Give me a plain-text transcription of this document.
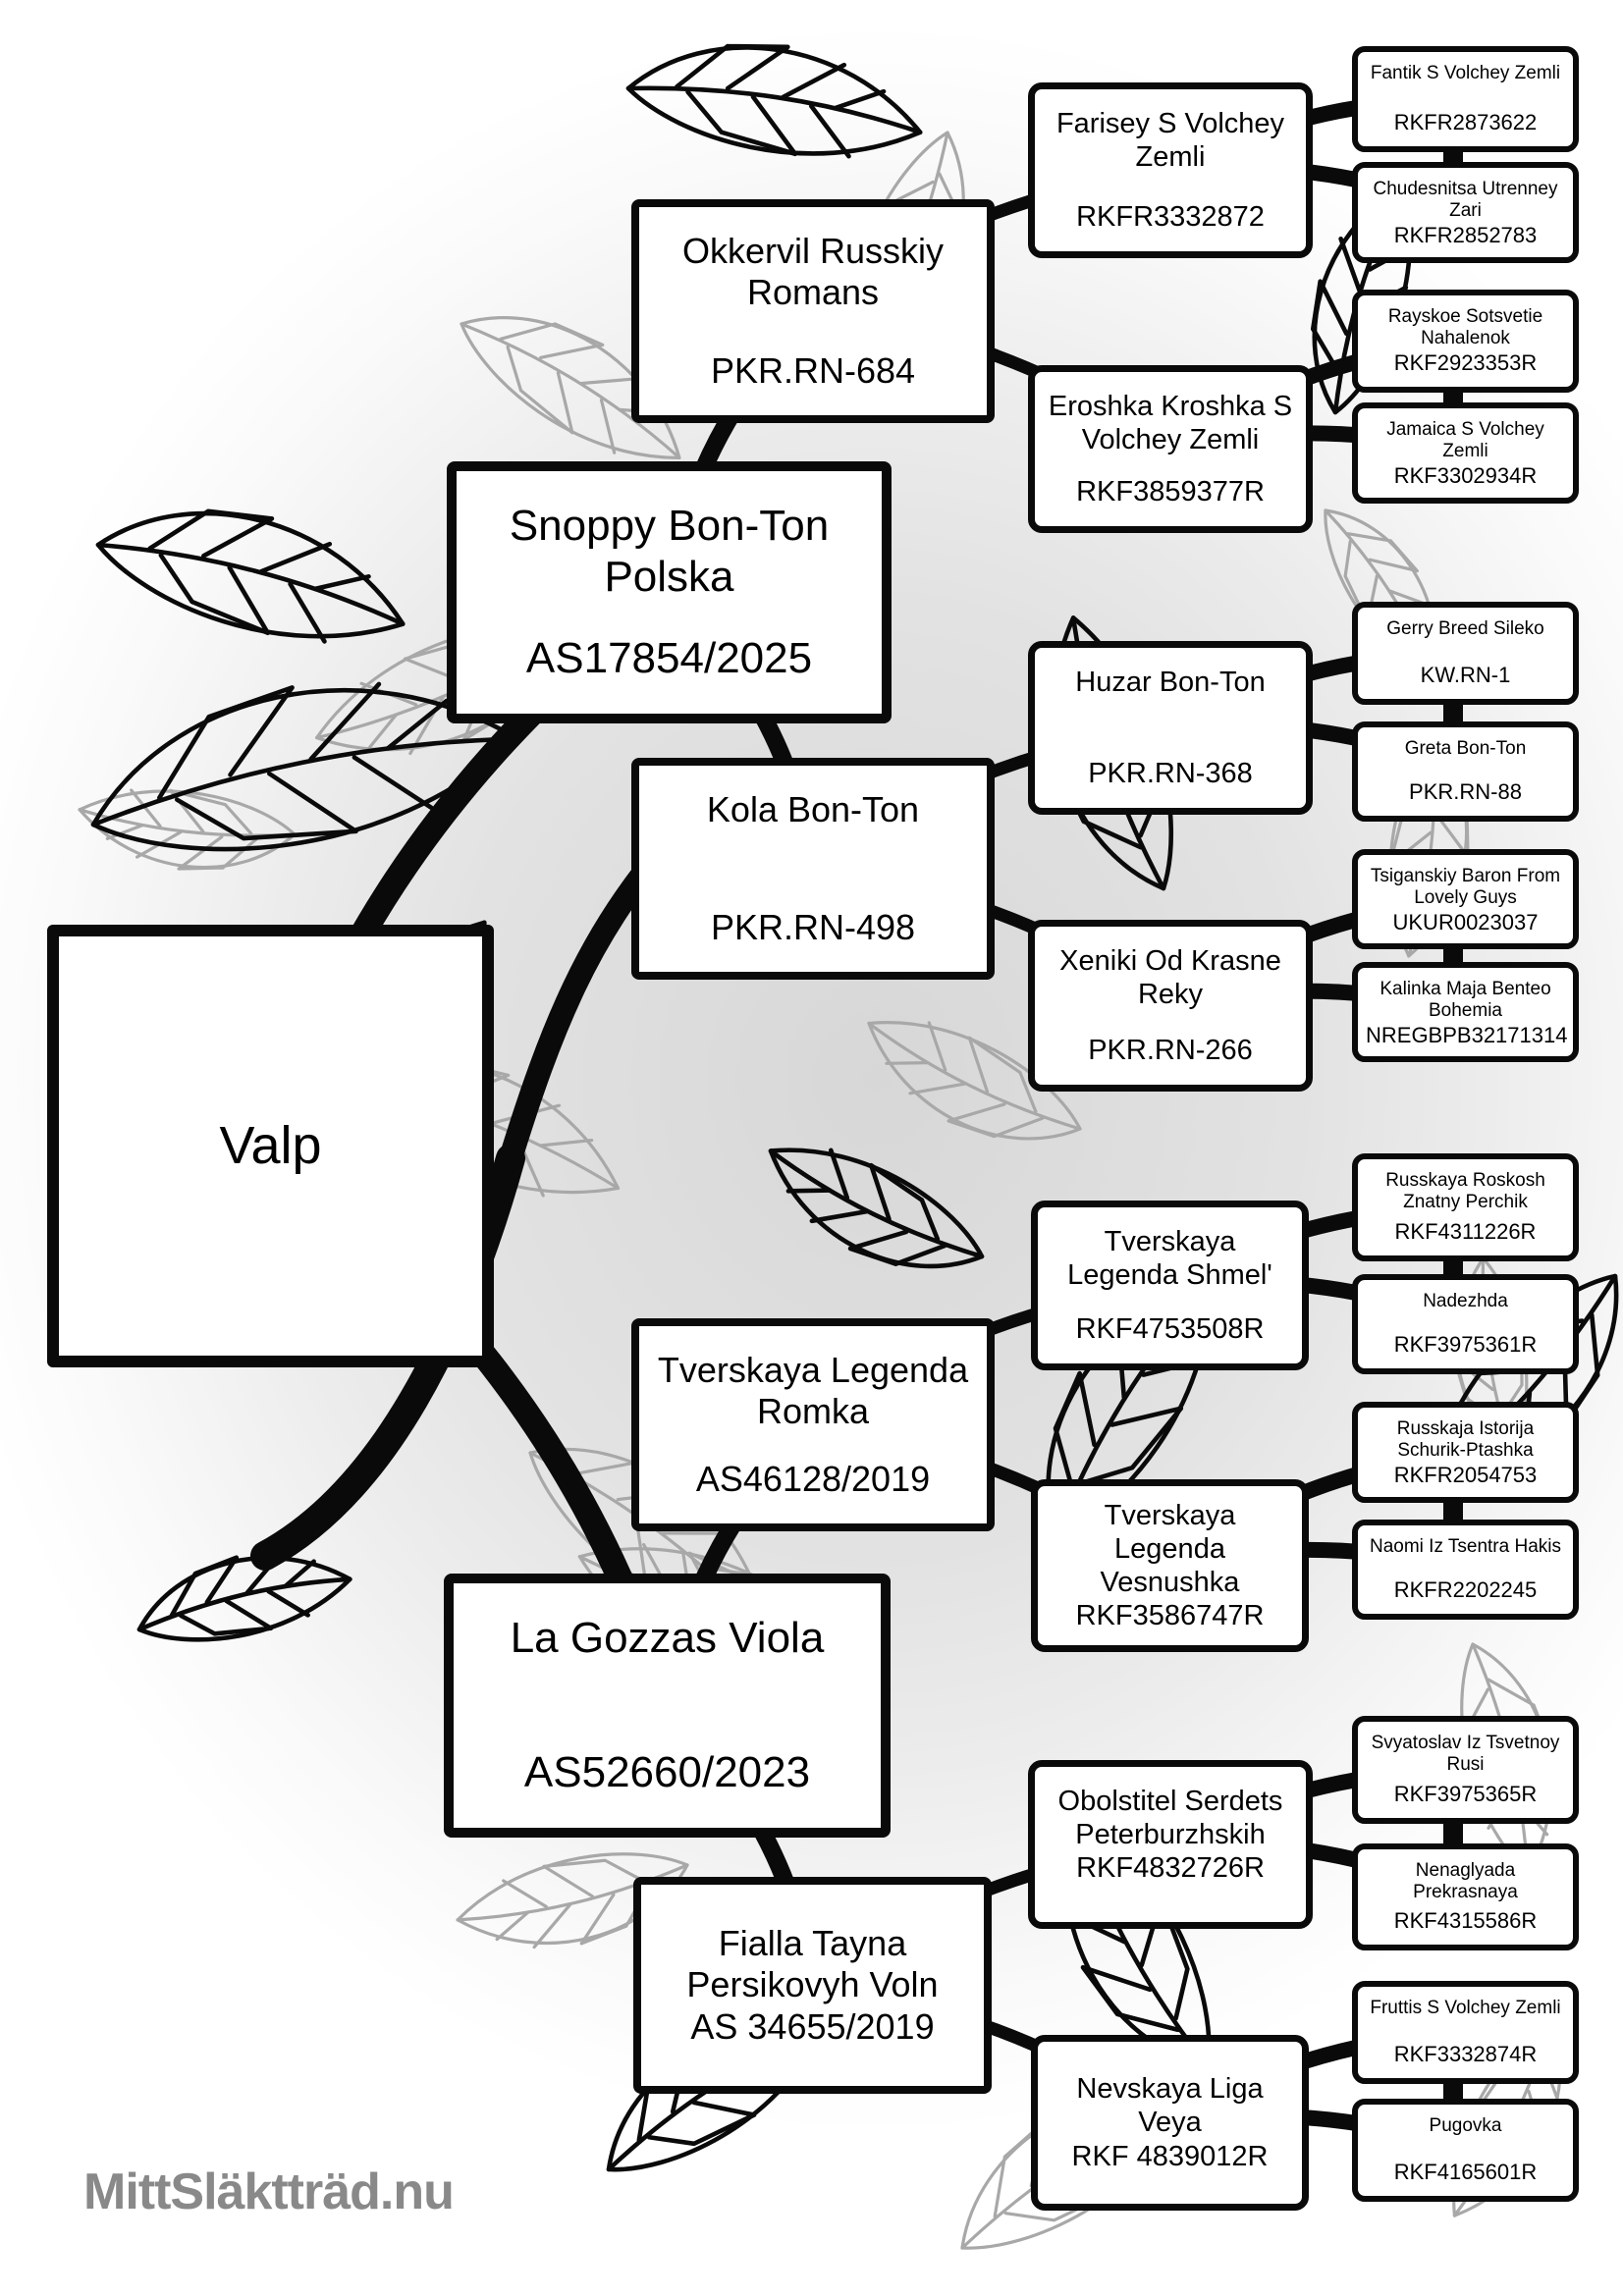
Valp
Snoppy Bon-Ton Polska
AS17854/2025
La Gozzas Viola
AS52660/2023
Okkervil Russkiy Romans
PKR.RN-684
Kola Bon-Ton
PKR.RN-498
Tverskaya Legenda Romka
AS46128/2019
Fialla Tayna Persikovyh Voln
AS 34655/2019
Farisey S Volchey Zemli
RKFR3332872
Eroshka Kroshka S Volchey Zemli
RKF3859377R
Huzar Bon-Ton
PKR.RN-368
Xeniki Od Krasne Reky
PKR.RN-266
Tverskaya Legenda Shmel'
RKF4753508R
Tverskaya Legenda Vesnushka
RKF3586747R
Obolstitel Serdets Peterburzhskih
RKF4832726R
Nevskaya Liga Veya
RKF 4839012R
Fantik S Volchey Zemli
RKFR2873622
Chudesnitsa Utrenney Zari
RKFR2852783
Rayskoe Sotsvetie Nahalenok
RKF2923353R
Jamaica S Volchey Zemli
RKF3302934R
Gerry Breed Sileko
KW.RN-1
Greta Bon-Ton
PKR.RN-88
Tsiganskiy Baron From Lovely Guys
UKUR0023037
Kalinka Maja Benteo Bohemia
NREGBPB32171314
Russkaya Roskosh Znatny Perchik
RKF4311226R
Nadezhda
RKF3975361R
Russkaja Istorija Schurik-Ptashka
RKFR2054753
Naomi Iz Tsentra Hakis
RKFR2202245
Svyatoslav Iz Tsvetnoy Rusi
RKF3975365R
Nenaglyada Prekrasnaya
RKF4315586R
Fruttis S Volchey Zemli
RKF3332874R
Pugovka
RKF4165601R
MittSläktträd.nu
